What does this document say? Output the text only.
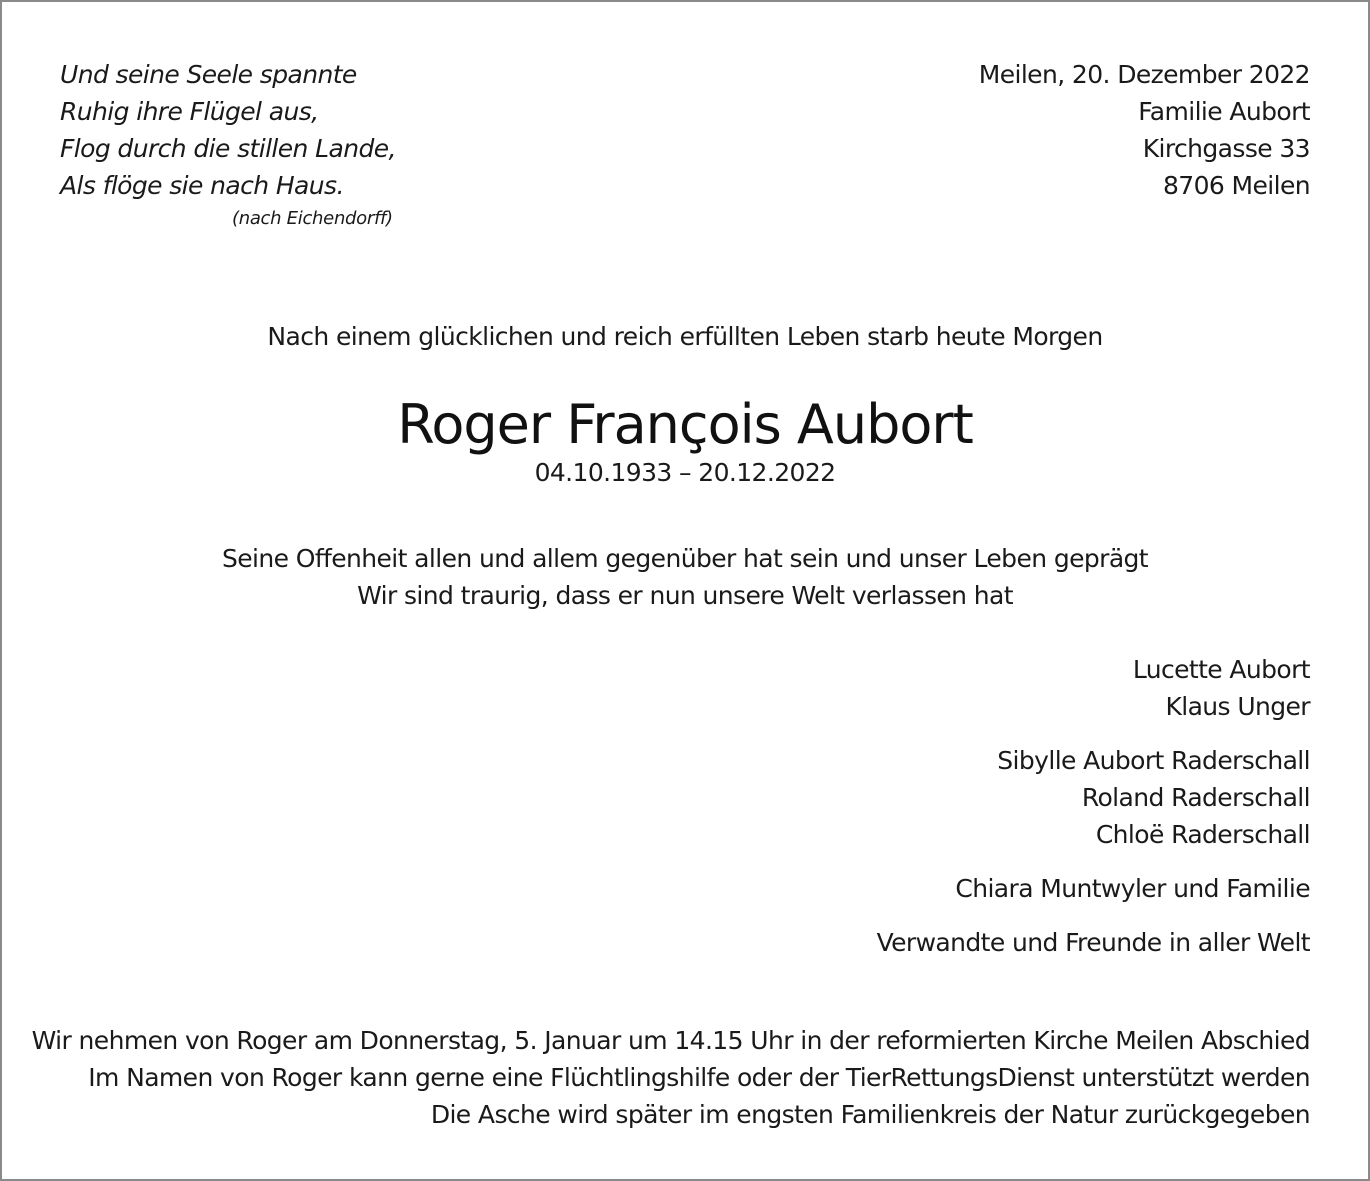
Und seine Seele spannte
Ruhig ihre Flügel aus,
Flog durch die stillen Lande,
Als flöge sie nach Haus.
(nach Eichendorff)
Meilen, 20. Dezember 2022
Familie Aubort
Kirchgasse 33
8706 Meilen
Nach einem glücklichen und reich erfüllten Leben starb heute Morgen
Roger François Aubort
04.10.1933 – 20.12.2022
Seine Offenheit allen und allem gegenüber hat sein und unser Leben geprägt
Wir sind traurig, dass er nun unsere Welt verlassen hat
Lucette Aubort
Klaus Unger
Sibylle Aubort Raderschall
Roland Raderschall
Chloë Raderschall
Chiara Muntwyler und Familie
Verwandte und Freunde in aller Welt
Wir nehmen von Roger am Donnerstag, 5. Januar um 14.15 Uhr in der reformierten Kirche Meilen Abschied
Im Namen von Roger kann gerne eine Flüchtlingshilfe oder der TierRettungsDienst unterstützt werden
Die Asche wird später im engsten Familienkreis der Natur zurückgegeben
